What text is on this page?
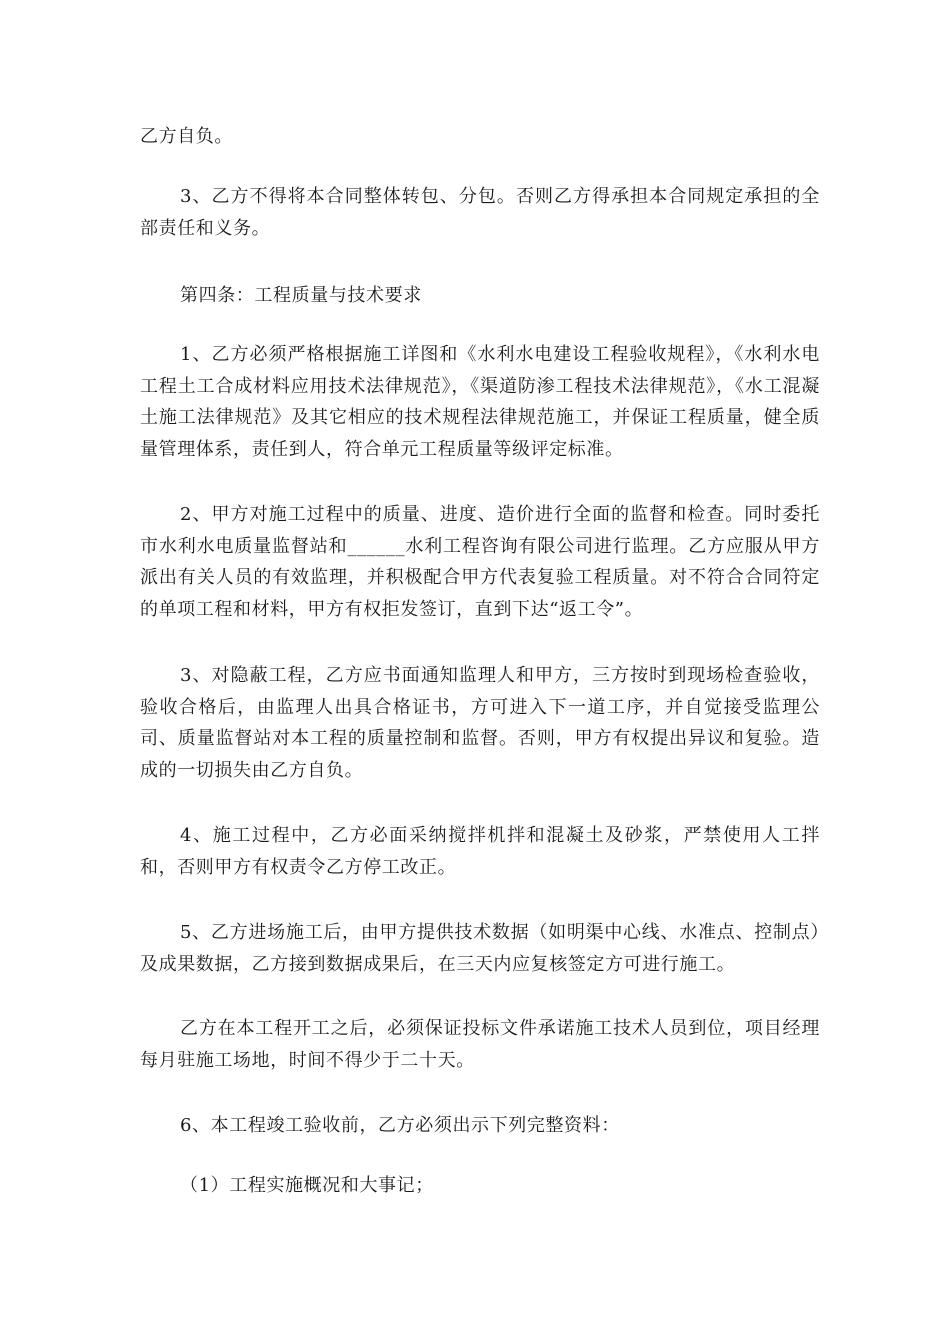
乙方自负。

3、乙方不得将本合同整体转包、分包。否则乙方得承担本合同规定承担的全部责任和义务。

第四条：工程质量与技术要求

1、乙方必须严格根据施工详图和《水利水电建设工程验收规程》，《水利水电工程土工合成材料应用技术法律规范》，《渠道防渗工程技术法律规范》，《水工混凝土施工法律规范》及其它相应的技术规程法律规范施工，并保证工程质量，健全质量管理体系，责任到人，符合单元工程质量等级评定标准。

2、甲方对施工过程中的质量、进度、造价进行全面的监督和检查。同时委托市水利水电质量监督站和______水利工程咨询有限公司进行监理。乙方应服从甲方派出有关人员的有效监理，并积极配合甲方代表复验工程质量。对不符合合同符定的单项工程和材料，甲方有权拒发签订，直到下达“返工令”。

3、对隐蔽工程，乙方应书面通知监理人和甲方，三方按时到现场检查验收，验收合格后，由监理人出具合格证书，方可进入下一道工序，并自觉接受监理公司、质量监督站对本工程的质量控制和监督。否则，甲方有权提出异议和复验。造成的一切损失由乙方自负。

4、施工过程中，乙方必面采纳搅拌机拌和混凝土及砂浆，严禁使用人工拌和，否则甲方有权责令乙方停工改正。

5、乙方进场施工后，由甲方提供技术数据（如明渠中心线、水准点、控制点）及成果数据，乙方接到数据成果后，在三天内应复核签定方可进行施工。

乙方在本工程开工之后，必须保证投标文件承诺施工技术人员到位，项目经理每月驻施工场地，时间不得少于二十天。

6、本工程竣工验收前，乙方必须出示下列完整资料：

（1）工程实施概况和大事记；
